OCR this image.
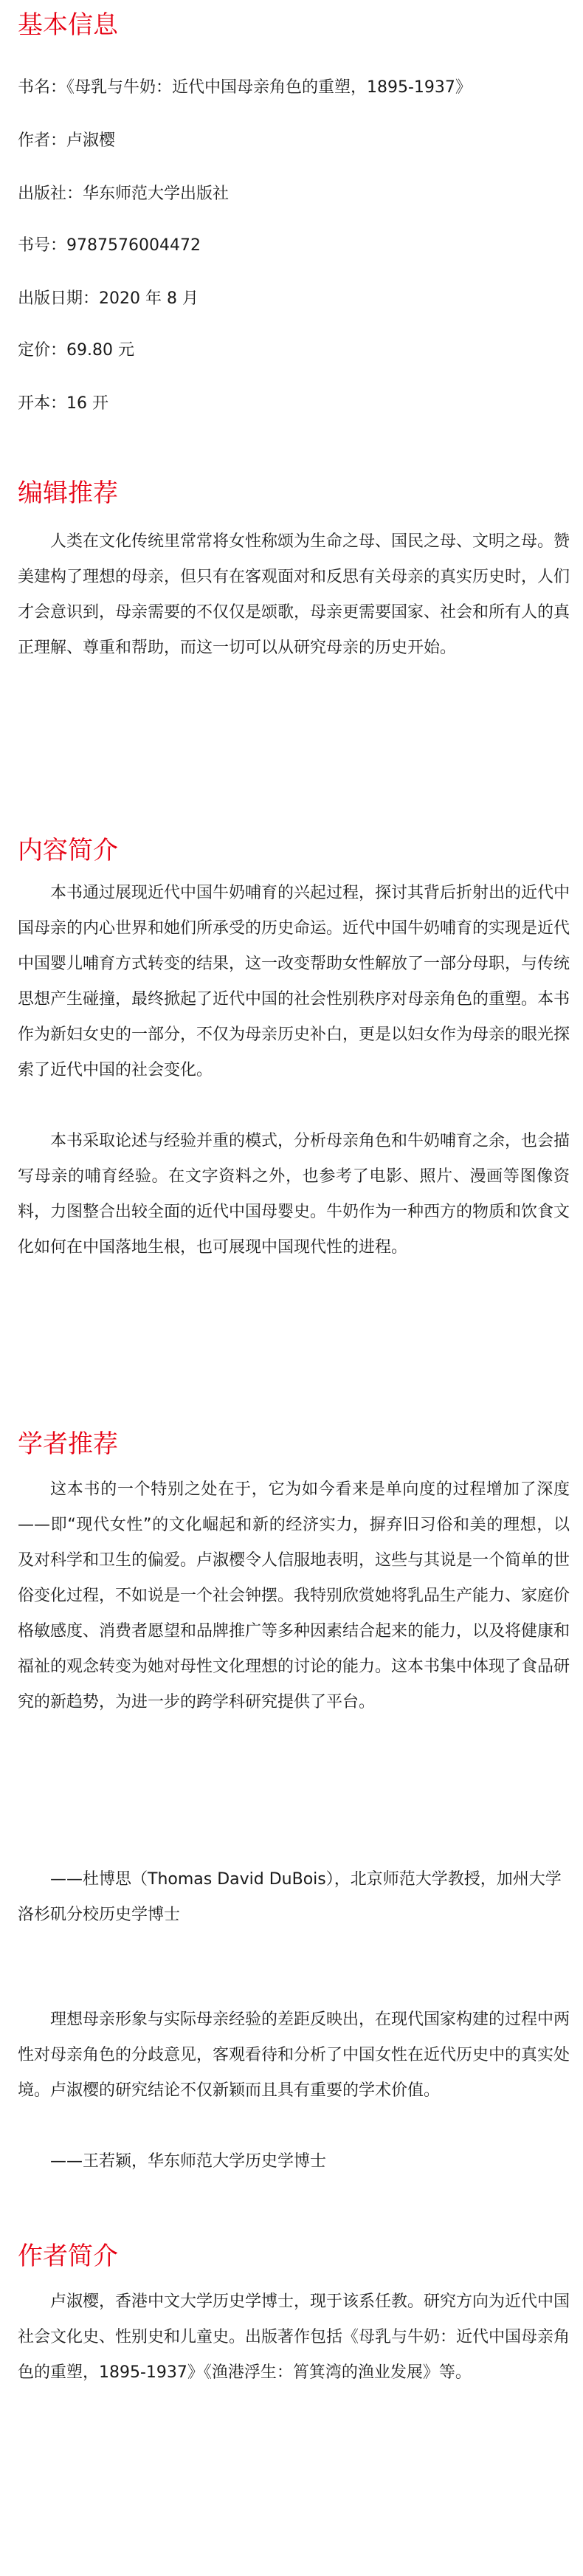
基本信息
书名：《母乳与牛奶：近代中国母亲角色的重塑，1895-1937》
作者：卢淑樱
出版社：华东师范大学出版社
书号：9787576004472
出版日期：2020 年 8 月
定价：69.80 元
开本：16 开
编辑推荐

人类在文化传统里常常将女性称颂为生命之母、国民之母、文明之母。赞美建构了理想的母亲，但只有在客观面对和反思有关母亲的真实历史时，人们才会意识到，母亲需要的不仅仅是颂歌，母亲更需要国家、社会和所有人的真正理解、尊重和帮助，而这一切可以从研究母亲的历史开始。

内容简介

本书通过展现近代中国牛奶哺育的兴起过程，探讨其背后折射出的近代中国母亲的内心世界和她们所承受的历史命运。近代中国牛奶哺育的实现是近代中国婴儿哺育方式转变的结果，这一改变帮助女性解放了一部分母职，与传统思想产生碰撞，最终掀起了近代中国的社会性别秩序对母亲角色的重塑。本书作为新妇女史的一部分，不仅为母亲历史补白，更是以妇女作为母亲的眼光探索了近代中国的社会变化。

本书采取论述与经验并重的模式，分析母亲角色和牛奶哺育之余，也会描写母亲的哺育经验。在文字资料之外，也参考了电影、照片、漫画等图像资料，力图整合出较全面的近代中国母婴史。牛奶作为一种西方的物质和饮食文化如何在中国落地生根，也可展现中国现代性的进程。

学者推荐

这本书的一个特别之处在于，它为如今看来是单向度的过程增加了深度——即“现代女性”的文化崛起和新的经济实力，摒弃旧习俗和美的理想，以及对科学和卫生的偏爱。卢淑樱令人信服地表明，这些与其说是一个简单的世俗变化过程，不如说是一个社会钟摆。我特别欣赏她将乳品生产能力、家庭价格敏感度、消费者愿望和品牌推广等多种因素结合起来的能力，以及将健康和福祉的观念转变为她对母性文化理想的讨论的能力。这本书集中体现了食品研究的新趋势，为进一步的跨学科研究提供了平台。

——杜博思（Thomas David DuBois），北京师范大学教授，加州大学洛杉矶分校历史学博士

理想母亲形象与实际母亲经验的差距反映出，在现代国家构建的过程中两性对母亲角色的分歧意见，客观看待和分析了中国女性在近代历史中的真实处境。卢淑樱的研究结论不仅新颖而且具有重要的学术价值。

——王若颖，华东师范大学历史学博士

作者简介

卢淑樱，香港中文大学历史学博士，现于该系任教。研究方向为近代中国社会文化史、性别史和儿童史。出版著作包括《母乳与牛奶：近代中国母亲角色的重塑，1895-1937》《渔港浮生：筲箕湾的渔业发展》等。
